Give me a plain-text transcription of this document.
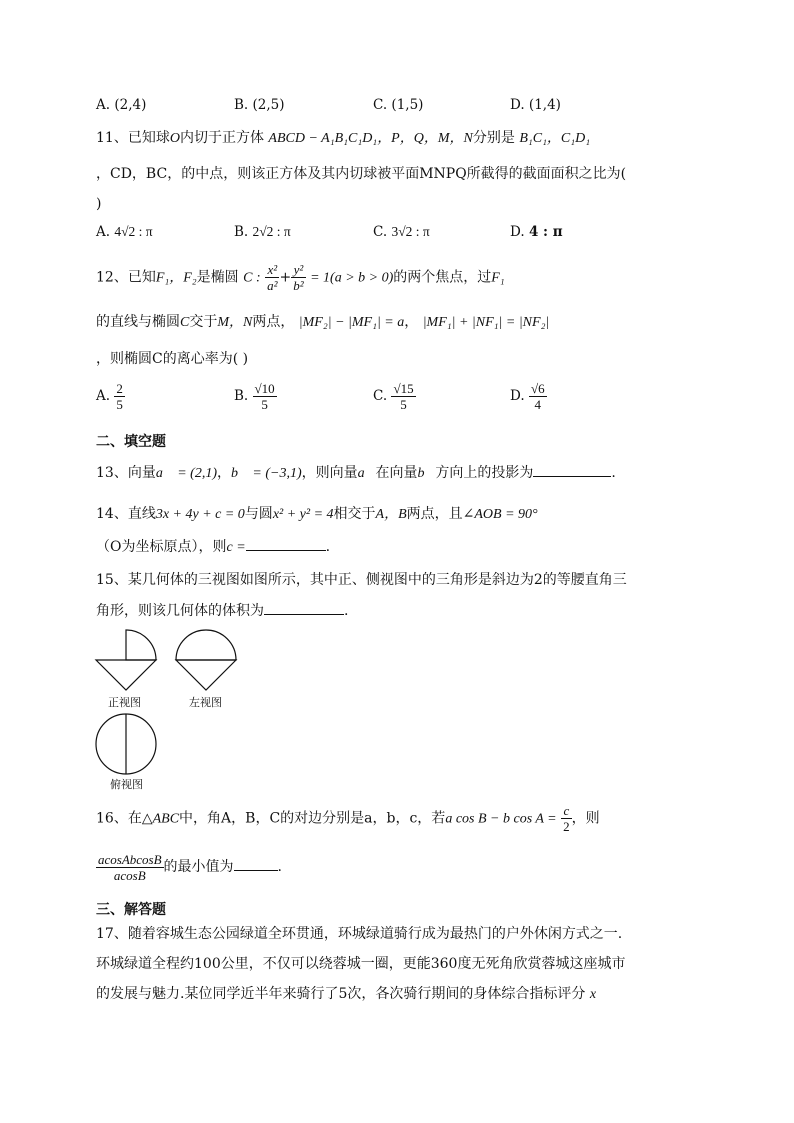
A. (2,4)	B. (2,5)	C. (1,5)	D. (1,4)
11、已知球O内切于正方体 ABCD − A₁B₁C₁D₁，P，Q，M，N分别是 B₁C₁，C₁D₁
，CD，BC，的中点，则该正方体及其内切球被平面MNPQ所截得的截面面积之比为(
)
A. 4√2 : π	B. 2√2 : π	C. 3√2 : π	D. 4 : π
12、已知F₁，F₂是椭圆 C : $\frac{\text{x²}}{\text{a²}} + \frac{\text{y²}}{\text{b²}} = 1(a > b > 0)$的两个焦点，过F₁
的直线与椭圆C交于M，N两点， |MF₂| − |MF₁| = a， |MF₁| + |NF₁| = |NF₂|
，则椭圆C的离心率为( )
A. $\frac{2}{5}$	B. $\frac{√10}{5}$	C. $\frac{√15}{5}$	D. $\frac{√6}{4}$
二、填空题
13、向量a⃗ = (2,1)，b⃗ = (−3,1)，则向量a⃗在向量b⃗方向上的投影为	.
14、直线3x + 4y + c = 0与圆x² + y² = 4相交于A，B两点，且∠AOB = 90°
（O为坐标原点），则c =	.
15、某几何体的三视图如图所示，其中正、侧视图中的三角形是斜边为2的等腰直角三
角形，则该几何体的体积为	.
正视图	左视图
俯视图
16、在△ABC中，角A，B，C的对边分别是a，b，c，若a cos B − b $\cos A = \frac{c}{2}$ ，则
$\frac{\text{acosAbcosB}}{acosB}$ 的最小值为	.
三、解答题
17、随着容城生态公园绿道全环贯通，环城绿道骑行成为最热门的户外休闲方式之一.
环城绿道全程约100公里，不仅可以绕蓉城一圈，更能360度无死角欣赏蓉城这座城市
的发展与魅力.某位同学近半年来骑行了5次，各次骑行期间的身体综合指标评分 x
